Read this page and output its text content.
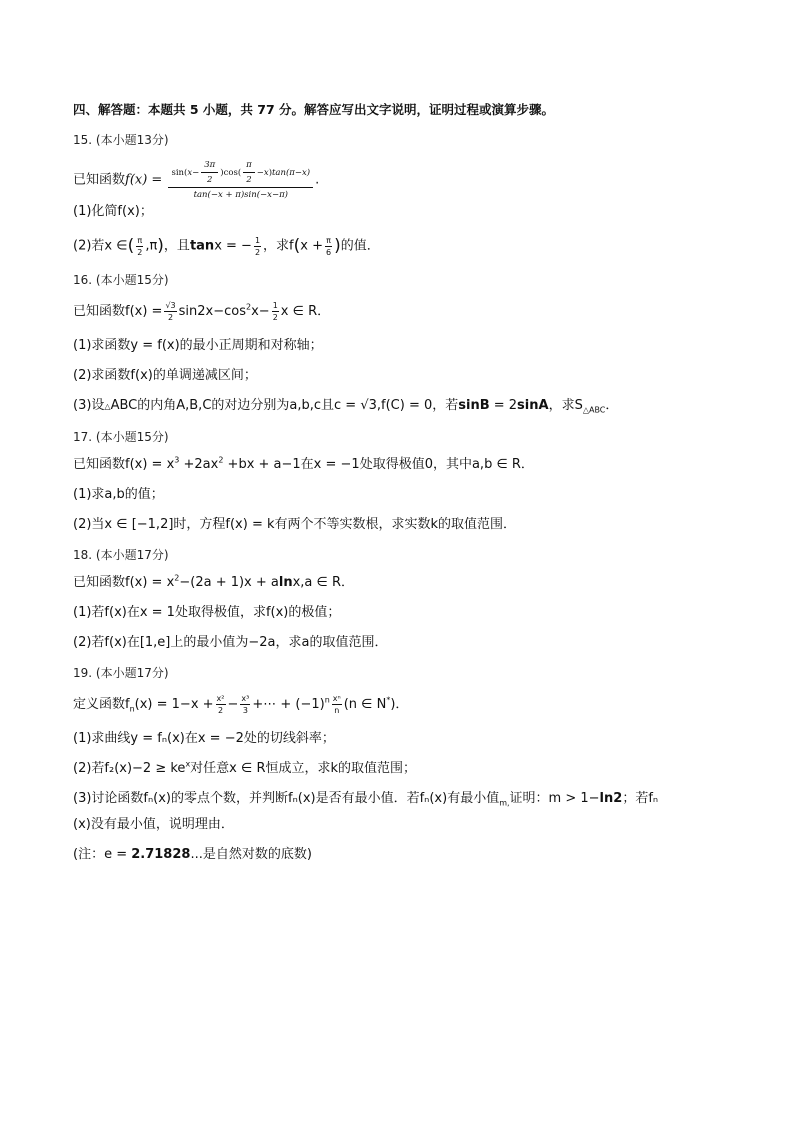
四、解答题：本题共 5 小题，共 77 分。解答应写出文字说明，证明过程或演算步骤。
15. (本小题13分)
已知函数$f(x) = \frac{\sin(x- \frac{3\pi}{2} )\cos( \frac{\pi}{2} -x)\tan(\pi-x)}{\tan(-x + \pi)\sin(-x-\pi)}$ .
(1)化简f(x)；
(2)若x ∈( $\frac{\pi}{2} ,\pi$)，且tanx = − $\frac{1}{2}$ ，求$f(x + \frac{\pi}{6}$ )的值．
16. (本小题15分)
已知函数$f(x) = \frac{√3}{2} \sin 2x-\cos^2x- \frac{1}{2}$ x ∈ R．
(1)求函数y = f(x)的最小正周期和对称轴；
(2)求函数f(x)的单调递减区间；
(3)设△ABC的内角A,B,C的对边分别为a,b,c且c = √3,f(C) = 0，若sinB = 2sinA，求$S_{\triangle ABC}$．
17. (本小题15分)
已知函数$f(x) = x^3 +2ax^2 +bx + a-1$在x = −1处取得极值0，其中a,b ∈ R．
(1)求a,b的值；
(2)当x ∈ [−1,2]时，方程f(x) = k有两个不等实数根，求实数k的取值范围．
18. (本小题17分)
已知函数$f(x) = x^2-(2a + 1)x + alnx,a$ ∈ R．
(1)若f(x)在x = 1处取得极值，求f(x)的极值；
(2)若f(x)在[1,e]上的最小值为−2a，求a的取值范围．
19. (本小题17分)
定义函数$f_n(x) = 1-x + \frac{\text{x²}}{2} - \frac{\text{x³}}{3}$ +⋯ + $(-1)^n \frac{\text{xⁿ}}{n} (n$ ∈ N*)．
(1)求曲线y = fₙ(x)在x = −2处的切线斜率；
(2)若$f_2(x)-2 \ge ke^x$对任意x ∈ R恒成立，求k的取值范围；
(3)讨论函数fₙ(x)的零点个数，并判断fₙ(x)是否有最小值．若fₙ(x)有最小值$_{m,}$证明：m > 1−ln2；若fₙ
(x)没有最小值，说明理由．
(注：e = 2.71828...是自然对数的底数)
